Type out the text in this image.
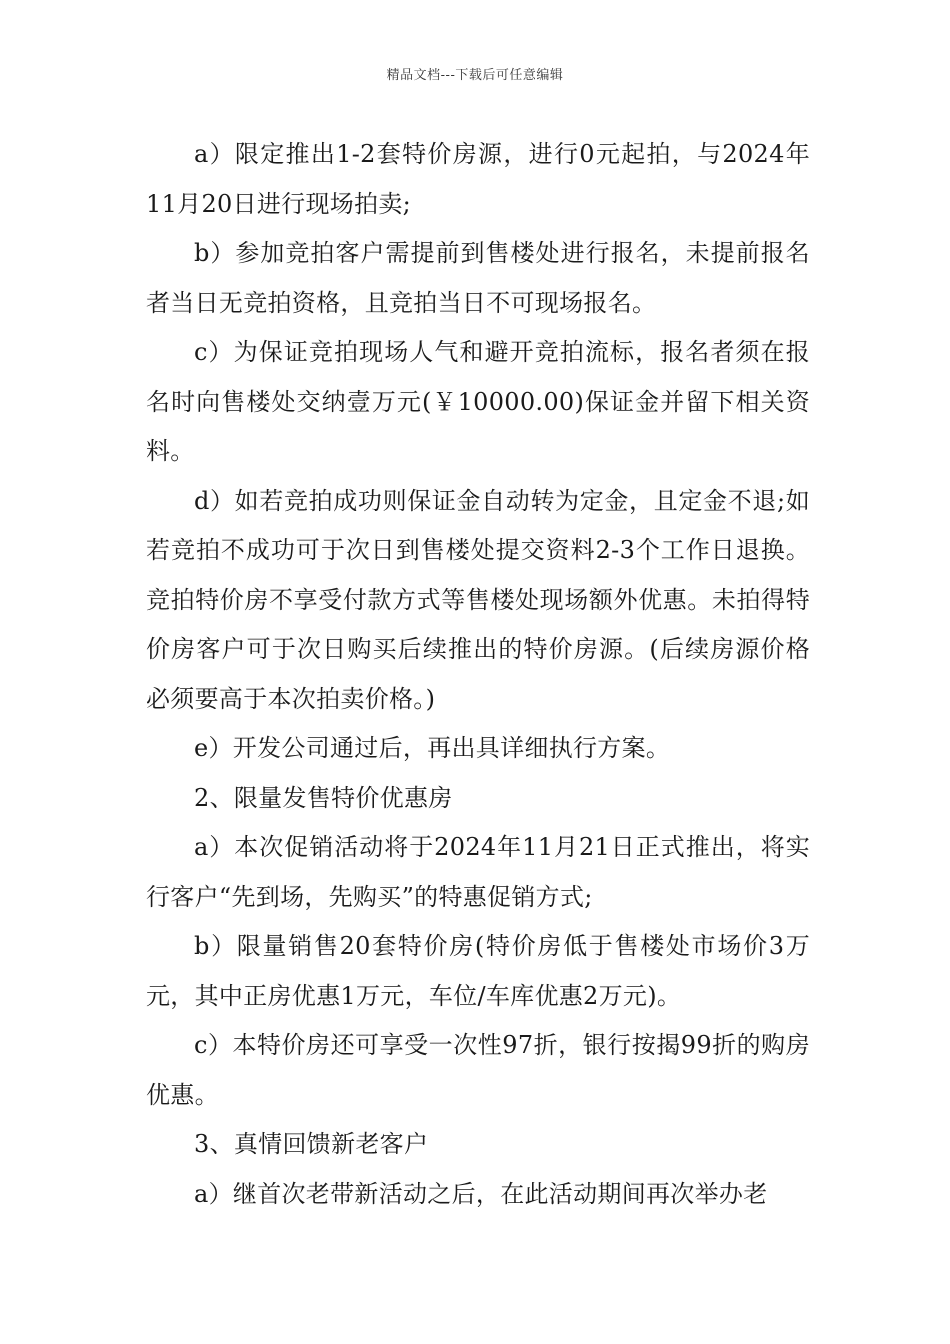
精品文档---下载后可任意编辑

a）限定推出1-2套特价房源，进行0元起拍，与2024年11月20日进行现场拍卖;

b）参加竞拍客户需提前到售楼处进行报名，未提前报名者当日无竞拍资格，且竞拍当日不可现场报名。

c）为保证竞拍现场人气和避开竞拍流标，报名者须在报名时向售楼处交纳壹万元(￥10000.00)保证金并留下相关资料。

d）如若竞拍成功则保证金自动转为定金，且定金不退;如若竞拍不成功可于次日到售楼处提交资料2-3个工作日退换。竞拍特价房不享受付款方式等售楼处现场额外优惠。未拍得特价房客户可于次日购买后续推出的特价房源。(后续房源价格必须要高于本次拍卖价格。)

e）开发公司通过后，再出具详细执行方案。

2、限量发售特价优惠房

a）本次促销活动将于2024年11月21日正式推出，将实行客户“先到场，先购买”的特惠促销方式;

b）限量销售20套特价房(特价房低于售楼处市场价3万元，其中正房优惠1万元，车位/车库优惠2万元)。

c）本特价房还可享受一次性97折，银行按揭99折的购房优惠。

3、真情回馈新老客户

a）继首次老带新活动之后，在此活动期间再次举办老
